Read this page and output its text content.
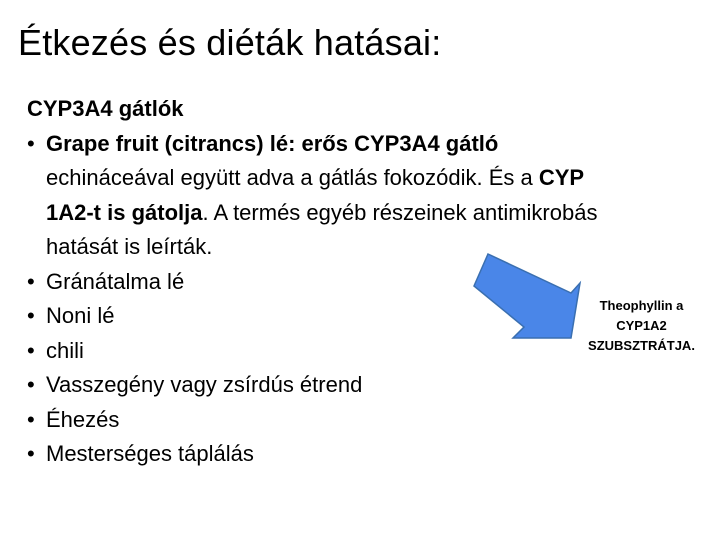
Étkezés és diéták hatásai:
CYP3A4 gátlók
• Grape fruit (citrancs) lé: erős CYP3A4 gátló
echináceával együtt adva a gátlás fokozódik. És a CYP
1A2-t is gátolja. A termés egyéb részeinek antimikrobás
hatását is leírták.
• Gránátalma lé
• Noni lé
• chili
• Vasszegény vagy zsírdús étrend
• Éhezés
• Mesterséges táplálás
Theophyllin a
CYP1A2
SZUBSZTRÁTJA.
